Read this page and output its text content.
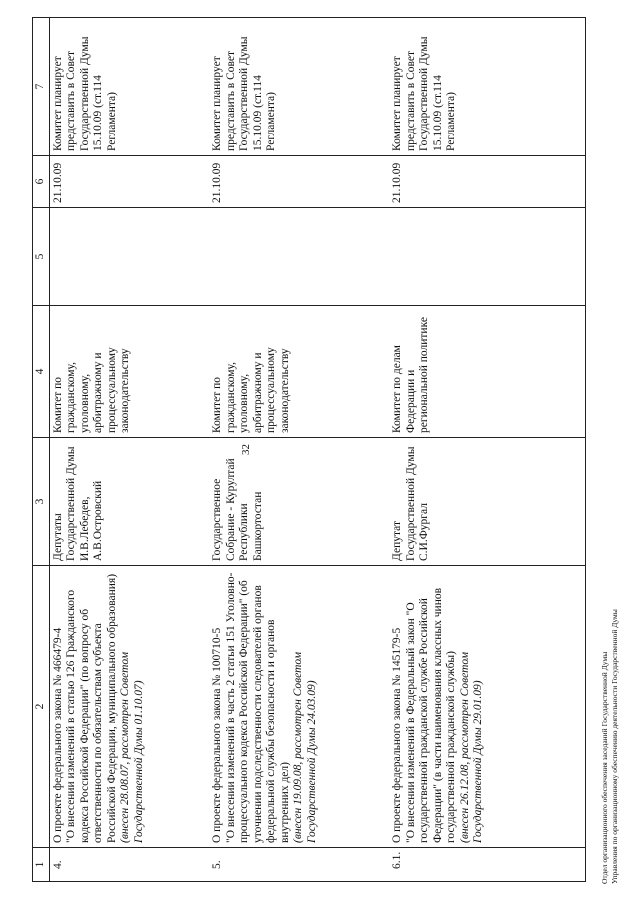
32
1	2	3	4	5	6	7
4.	О проекте федерального закона № 466479-4 "О внесении изменений в статью 126 Гражданского кодекса Российской Федерации" (по вопросу об ответственности по обязательствам субъекта Российской Федерации, муниципального образования) (внесен 28.08.07, рассмотрен Советом Государственной Думы 01.10.07)	Депутаты Государственной Думы И.В.Лебедев, А.В.Островский	Комитет по гражданскому, уголовному, арбитражному и процессуальному законодательству		21.10.09	Комитет планирует представить в Совет Государственной Думы 15.10.09 (ст.114 Регламента)
5.	О проекте федерального закона № 100710-5 "О внесении изменений в часть 2 статьи 151 Уголовно-процессуального кодекса Российской Федерации" (об уточнении подследственности следователей органов федеральной службы безопасности и органов внутренних дел) (внесен 19.09.08, рассмотрен Советом Государственной Думы 24.03.09)	Государственное Собрание - Курултай Республики Башкортостан	Комитет по гражданскому, уголовному, арбитражному и процессуальному законодательству		21.10.09	Комитет планирует представить в Совет Государственной Думы 15.10.09 (ст.114 Регламента)
6.1.	О проекте федерального закона № 145179-5 "О внесении изменений в Федеральный закон "О государственной гражданской службе Российской Федерации" (в части наименования классных чинов государственной гражданской службы) (внесен 26.12.08, рассмотрен Советом Государственной Думы 29.01.09)	Депутат Государственной Думы С.И.Фургал	Комитет по делам Федерации и региональной политике		21.10.09	Комитет планирует представить в Совет Государственной Думы 15.10.09 (ст.114 Регламента)
Отдел организационного обеспечения заседаний Государственной Думы Управления по организационному обеспечению деятельности Государственной Думы
